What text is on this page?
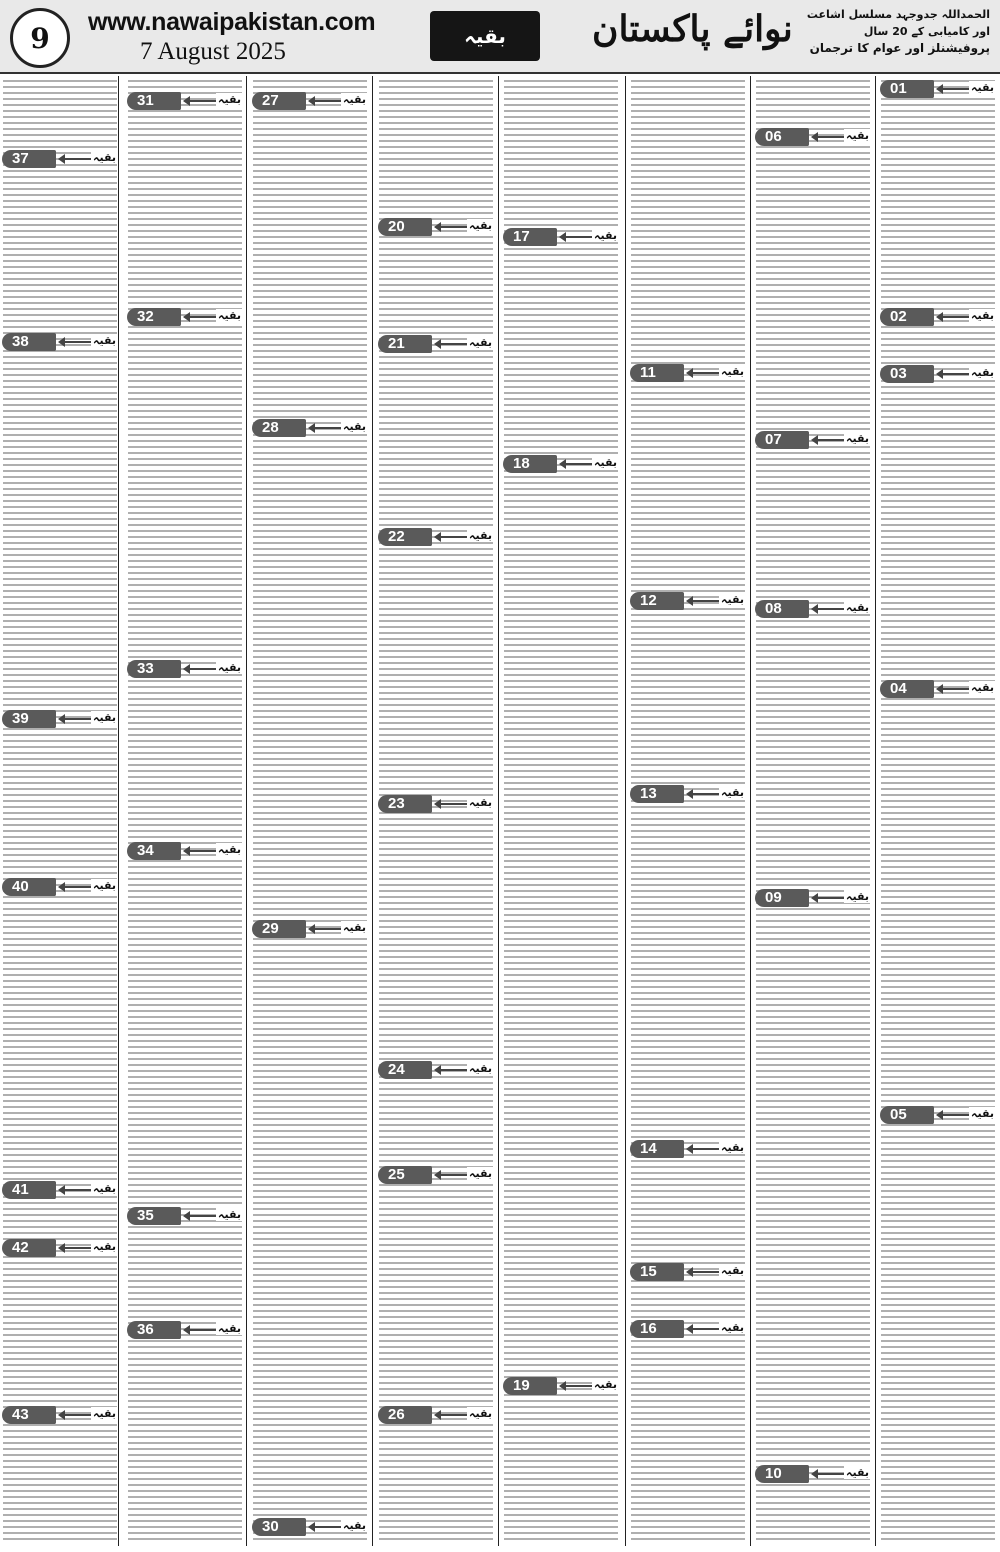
9	www.nawaipakistan.com
7 August 2025
بقیہ	نوائے پاکستان	الحمداللہ جدوجہد مسلسل اشاعت اور کامیابی کے 20 سال
پروفیشنلز اور عوام کا ترجمان
01	بقیہ
02	بقیہ
03	بقیہ
04	بقیہ
05	بقیہ
06	بقیہ
07	بقیہ
08	بقیہ
09	بقیہ
10	بقیہ
11	بقیہ
12	بقیہ
13	بقیہ
14	بقیہ
15	بقیہ
16	بقیہ
17	بقیہ
18	بقیہ
19	بقیہ
20	بقیہ
21	بقیہ
22	بقیہ
23	بقیہ
24	بقیہ
25	بقیہ
26	بقیہ
27	بقیہ
28	بقیہ
29	بقیہ
30	بقیہ
31	بقیہ
32	بقیہ
33	بقیہ
34	بقیہ
35	بقیہ
36	بقیہ
37	بقیہ
38	بقیہ
39	بقیہ
40	بقیہ
41	بقیہ
42	بقیہ
43	بقیہ
